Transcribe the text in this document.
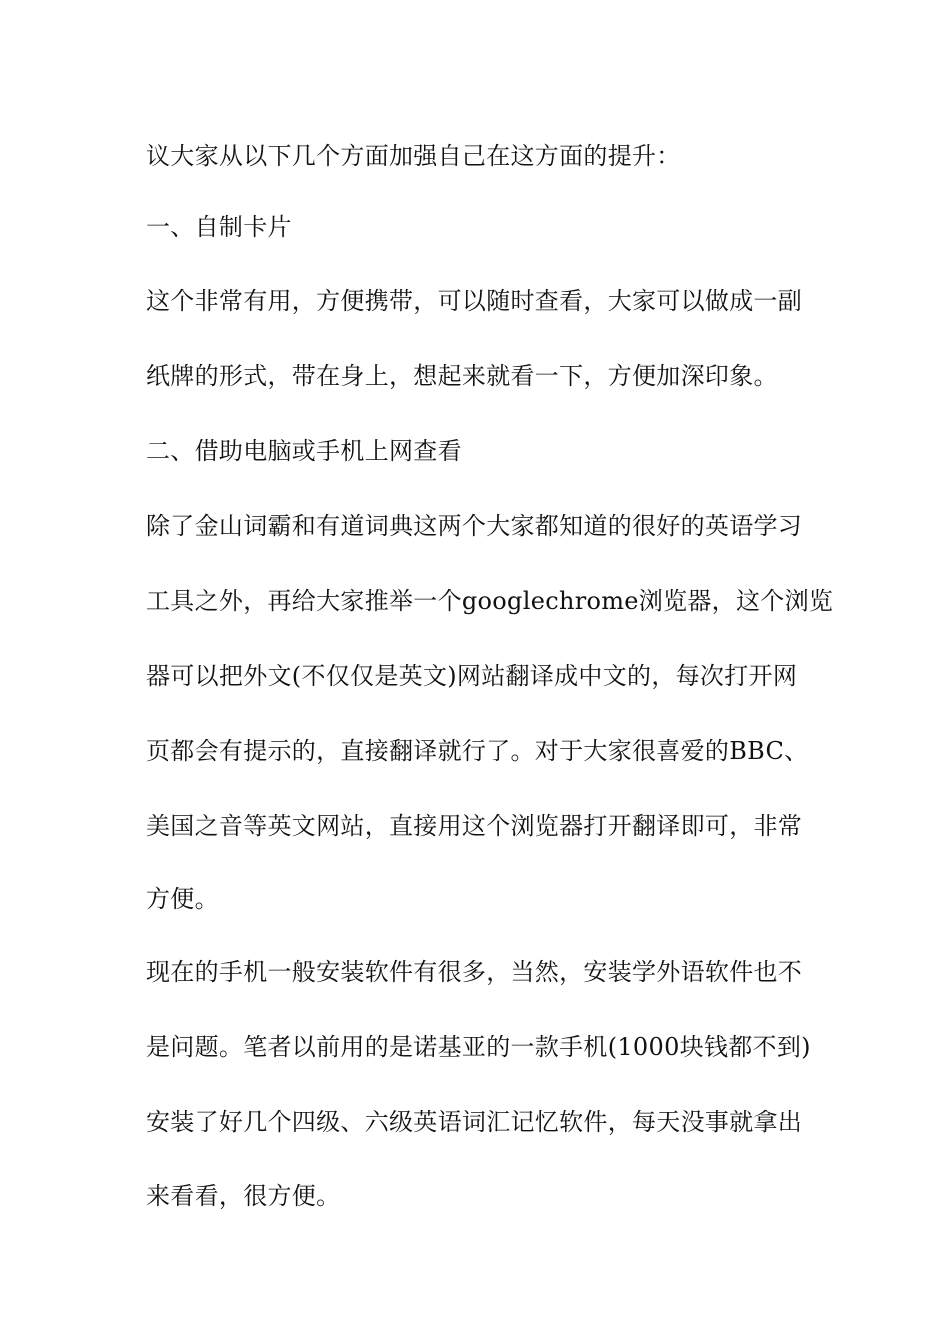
议大家从以下几个方面加强自己在这方面的提升：
一、自制卡片
这个非常有用，方便携带，可以随时查看，大家可以做成一副
纸牌的形式，带在身上，想起来就看一下，方便加深印象。
二、借助电脑或手机上网查看
除了金山词霸和有道词典这两个大家都知道的很好的英语学习
工具之外，再给大家推举一个googlechrome浏览器，这个浏览
器可以把外文(不仅仅是英文)网站翻译成中文的，每次打开网
页都会有提示的，直接翻译就行了。对于大家很喜爱的BBC、
美国之音等英文网站，直接用这个浏览器打开翻译即可，非常
方便。
现在的手机一般安装软件有很多，当然，安装学外语软件也不
是问题。笔者以前用的是诺基亚的一款手机(1000块钱都不到)
安装了好几个四级、六级英语词汇记忆软件，每天没事就拿出
来看看，很方便。
